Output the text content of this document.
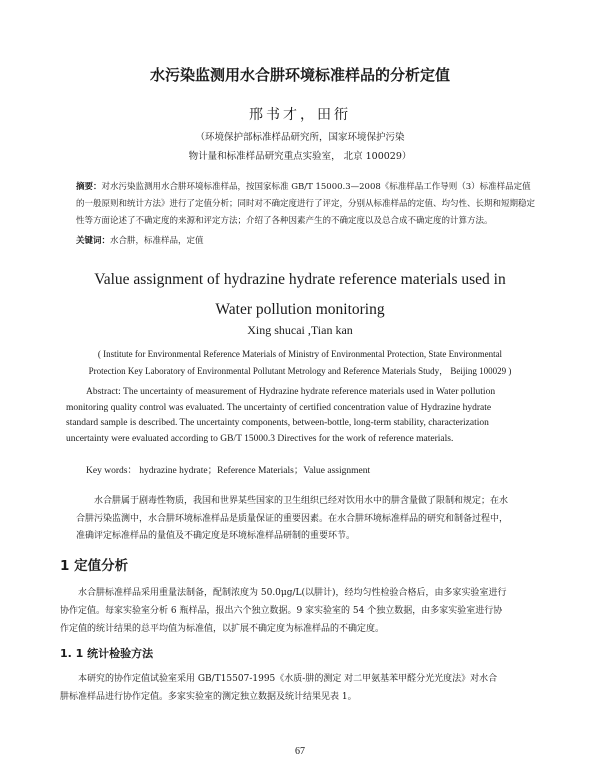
水污染监测用水合肼环境标准样品的分析定值
邢书才，田衎
（环境保护部标准样品研究所，国家环境保护污染
物计量和标准样品研究重点实验室， 北京 100029）
摘要：对水污染监测用水合肼环境标准样品，按国家标准 GB/T 15000.3—2008《标准样品工作导则（3）标准样品定值
的一般原则和统计方法》进行了定值分析；同时对不确定度进行了评定，分别从标准样品的定值、均匀性、长期和短期稳定
性等方面论述了不确定度的来源和评定方法；介绍了各种因素产生的不确定度以及总合成不确定度的计算方法。
关键词：水合肼，标准样品，定值
Value assignment of hydrazine hydrate reference materials used in
Water pollution monitoring
Xing shucai ,Tian kan
( Institute for Environmental Reference Materials of Ministry of Environmental Protection, State Environmental
Protection Key Laboratory of Environmental Pollutant Metrology and Reference Materials Study， Beijing 100029 )
Abstract: The uncertainty of measurement of Hydrazine hydrate reference materials used in Water pollution
monitoring quality control was evaluated. The uncertainty of certified concentration value of Hydrazine hydrate
standard sample is described. The uncertainty components, between-bottle, long-term stability, characterization
uncertainty were evaluated according to GB/T 15000.3 Directives for the work of reference materials.
Key words： hydrazine hydrate；Reference Materials；Value assignment
水合肼属于剧毒性物质，我国和世界某些国家的卫生组织已经对饮用水中的肼含量做了限制和规定；在水
合肼污染监测中，水合肼环境标准样品是质量保证的重要因素。在水合肼环境标准样品的研究和制备过程中，
准确评定标准样品的量值及不确定度是环境标准样品研制的重要环节。
1 定值分析
水合肼标准样品采用重量法制备，配制浓度为 50.0μg/L(以肼计)，经均匀性检验合格后，由多家实验室进行
协作定值。每家实验室分析 6 瓶样品，报出六个独立数据。9 家实验室的 54 个独立数据，由多家实验室进行协
作定值的统计结果的总平均值为标准值，以扩展不确定度为标准样品的不确定度。
1. 1 统计检验方法
本研究的协作定值试验室采用 GB/T15507-1995《水质-肼的测定 对二甲氨基苯甲醛分光光度法》对水合
肼标准样品进行协作定值。多家实验室的测定独立数据及统计结果见表 1。
67
